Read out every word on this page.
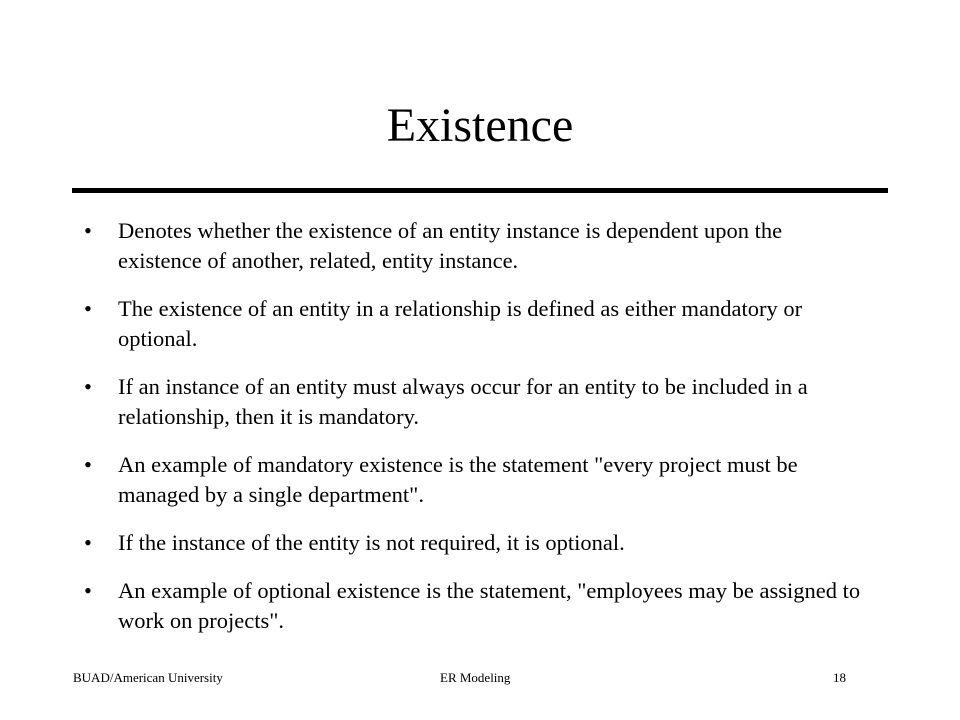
Existence
• Denotes whether the existence of an entity instance is dependent upon the existence of another, related, entity instance.
• The existence of an entity in a relationship is defined as either mandatory or optional.
• If an instance of an entity must always occur for an entity to be included in a relationship, then it is mandatory.
• An example of mandatory existence is the statement "every project must be managed by a single department".
• If the instance of the entity is not required, it is optional.
• An example of optional existence is the statement, "employees may be assigned to work on projects".
BUAD/American University	ER Modeling	18
